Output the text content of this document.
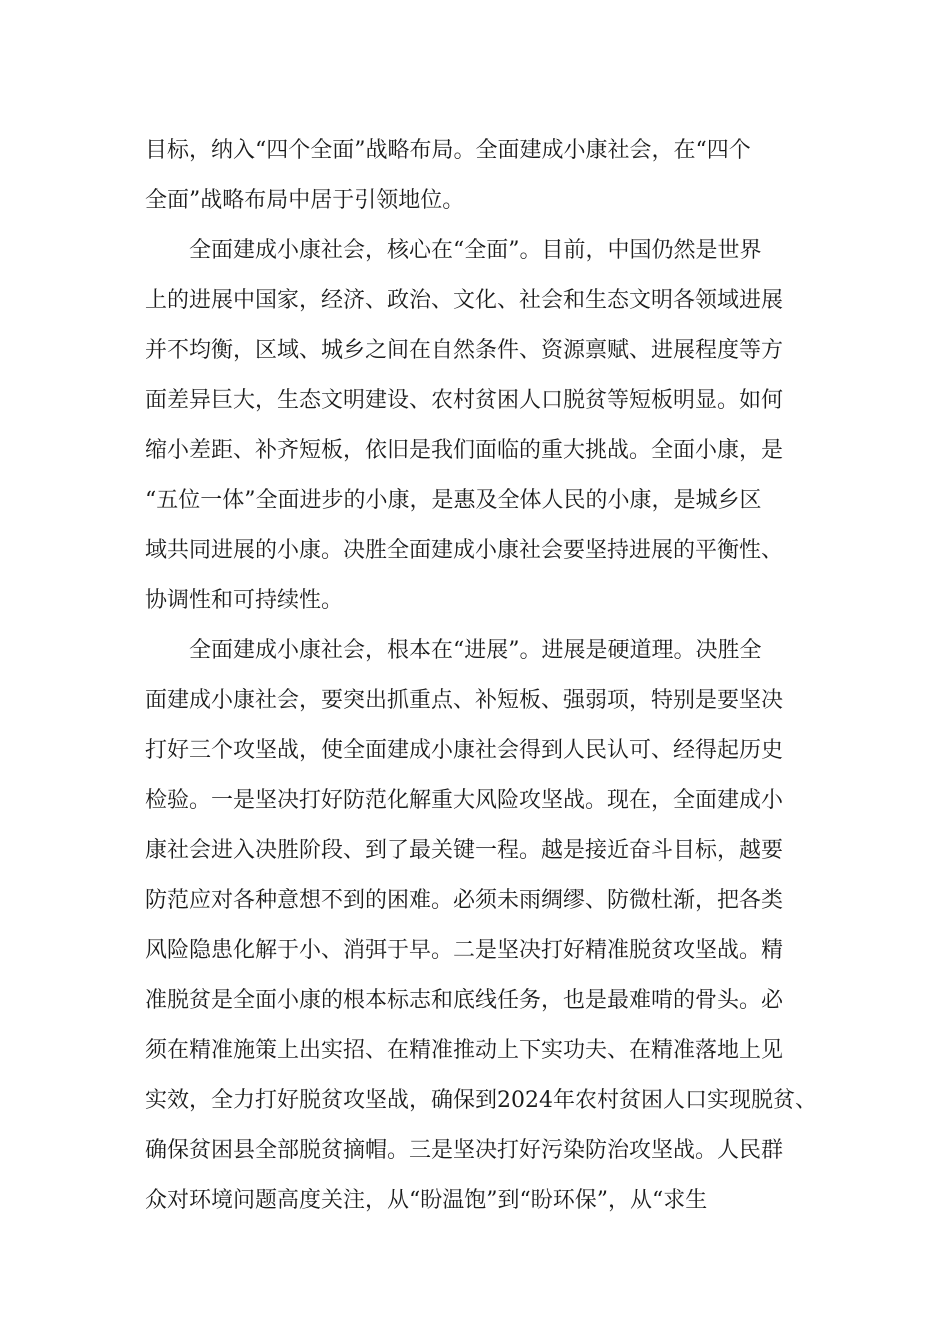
目标，纳入“四个全面”战略布局。全面建成小康社会，在“四个
全面”战略布局中居于引领地位。
全面建成小康社会，核心在“全面”。目前，中国仍然是世界
上的进展中国家，经济、政治、文化、社会和生态文明各领域进展
并不均衡，区域、城乡之间在自然条件、资源禀赋、进展程度等方
面差异巨大，生态文明建设、农村贫困人口脱贫等短板明显。如何
缩小差距、补齐短板，依旧是我们面临的重大挑战。全面小康，是
“五位一体”全面进步的小康，是惠及全体人民的小康，是城乡区
域共同进展的小康。决胜全面建成小康社会要坚持进展的平衡性、
协调性和可持续性。
全面建成小康社会，根本在“进展”。进展是硬道理。决胜全
面建成小康社会，要突出抓重点、补短板、强弱项，特别是要坚决
打好三个攻坚战，使全面建成小康社会得到人民认可、经得起历史
检验。一是坚决打好防范化解重大风险攻坚战。现在，全面建成小
康社会进入决胜阶段、到了最关键一程。越是接近奋斗目标，越要
防范应对各种意想不到的困难。必须未雨绸缪、防微杜渐，把各类
风险隐患化解于小、消弭于早。二是坚决打好精准脱贫攻坚战。精
准脱贫是全面小康的根本标志和底线任务，也是最难啃的骨头。必
须在精准施策上出实招、在精准推动上下实功夫、在精准落地上见
实效，全力打好脱贫攻坚战，确保到2024年农村贫困人口实现脱贫、
确保贫困县全部脱贫摘帽。三是坚决打好污染防治攻坚战。人民群
众对环境问题高度关注，从“盼温饱”到“盼环保”，从“求生
